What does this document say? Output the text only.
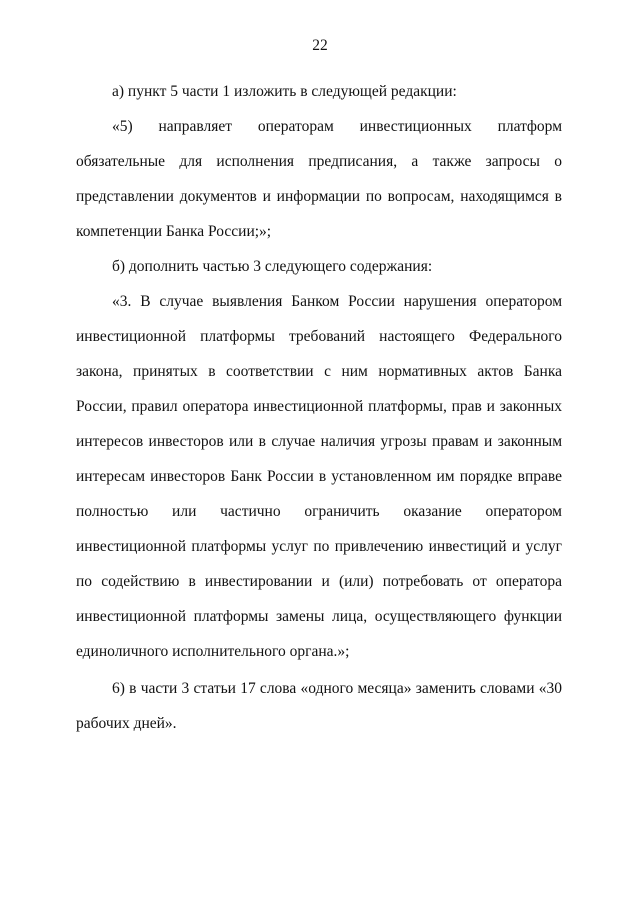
22

а) пункт 5 части 1 изложить в следующей редакции:

«5) направляет операторам инвестиционных платформ обязательные для исполнения предписания, а также запросы о представлении документов и информации по вопросам, находящимся в компетенции Банка России;»;

б) дополнить частью 3 следующего содержания:

«3. В случае выявления Банком России нарушения оператором инвестиционной платформы требований настоящего Федерального закона, принятых в соответствии с ним нормативных актов Банка России, правил оператора инвестиционной платформы, прав и законных интересов инвесторов или в случае наличия угрозы правам и законным интересам инвесторов Банк России в установленном им порядке вправе полностью или частично ограничить оказание оператором инвестиционной платформы услуг по привлечению инвестиций и услуг по содействию в инвестировании и (или) потребовать от оператора инвестиционной платформы замены лица, осуществляющего функции единоличного исполнительного органа.»;

6) в части 3 статьи 17 слова «одного месяца» заменить словами «30 рабочих дней».
